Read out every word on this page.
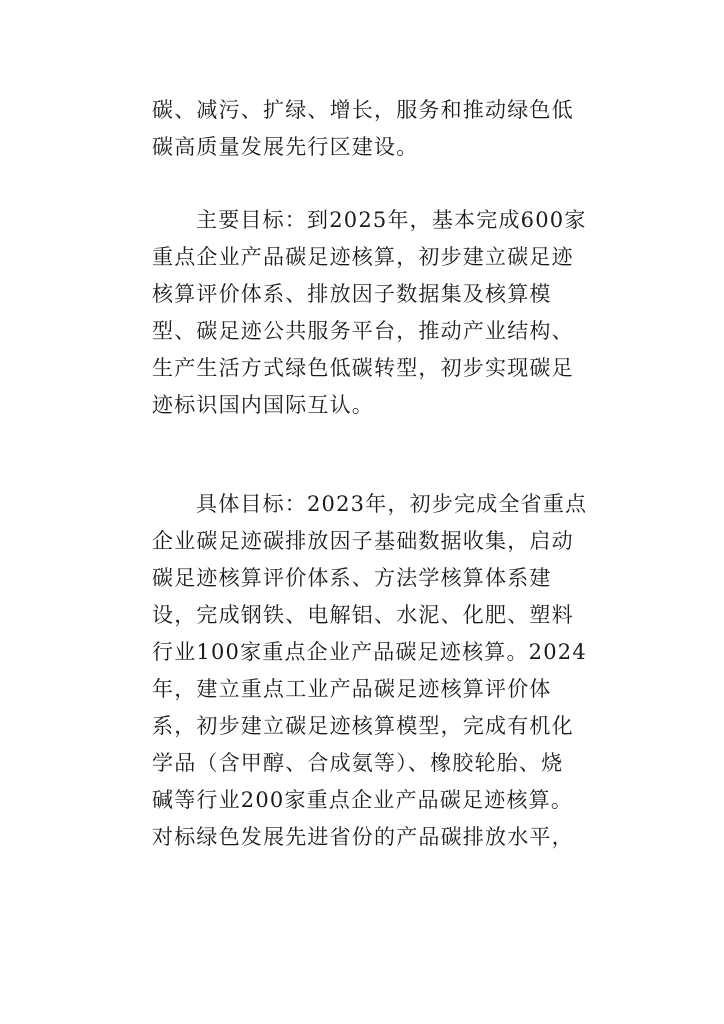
碳、减污、扩绿、增长，服务和推动绿色低
碳高质量发展先行区建设。
主要目标：到2025年，基本完成600家
重点企业产品碳足迹核算，初步建立碳足迹
核算评价体系、排放因子数据集及核算模
型、碳足迹公共服务平台，推动产业结构、
生产生活方式绿色低碳转型，初步实现碳足
迹标识国内国际互认。
具体目标：2023年，初步完成全省重点
企业碳足迹碳排放因子基础数据收集，启动
碳足迹核算评价体系、方法学核算体系建
设，完成钢铁、电解铝、水泥、化肥、塑料
行业100家重点企业产品碳足迹核算。2024
年，建立重点工业产品碳足迹核算评价体
系，初步建立碳足迹核算模型，完成有机化
学品（含甲醇、合成氨等）、橡胶轮胎、烧
碱等行业200家重点企业产品碳足迹核算。
对标绿色发展先进省份的产品碳排放水平，
